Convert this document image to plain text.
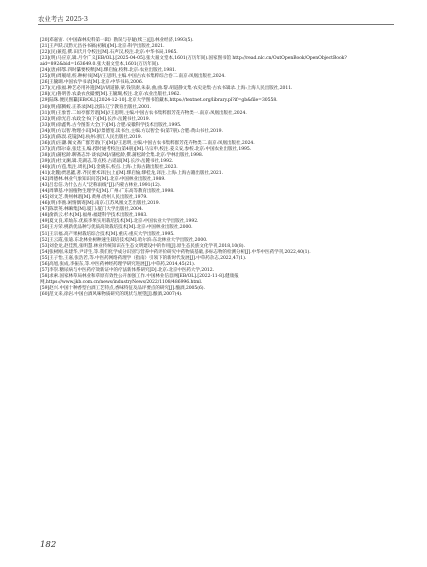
农业考古 2025·3

[20]邓嘉宙.《中国森林史料第一辑》勘误与存疑(续三)[J].林业经济,1993(5).

[21]王声跃.汉黔元昌谷书稿(初稿)[M].北京:科学出版社,2021.

[22](民)兼霓,撰.田氏月令校注[M].石声汉,校注.北京:中华书局,1965.

[23](明)马应京,辑.月令广义[EB/OL].[2025-04-05].张大艰文堂本,1601(万历年间).国家图书馆 http://read.nlc.cn/OutOpenBook/OpenObjectBook?aid=892&bid=163649.0.张大艰文堂本,1601(万历年间).

[24](唐)韩鄂.四时纂要校释[M].缪启愉,校释.北京:农业出版社,1981.

[25](明)周履靖,校.种树书[M]//王思明,主编.中国古农书集粹综合卷二.南京:凤凰出版社,2024.

[26]王毓瑚.中国农学书录[M].北京:中华书局,2006.

[27](元)张福.种艺必用补遗[M]//胡道静,蒙.钱崇澍,朱泰,曲,曲.黎.胡道静文集·农史论集·古农书辑录.上海:上海人民出版社,2011.

[28](元)鲁明善.农桑衣食撮要[M].王毓瑚,校注.北京:农业出版社,1962.

[29]陆珠.便民图纂[EB/OL].[2024-12-10].北京大学图书馆藏本,https://textnet.org/library.pl?if=gb&file=30558.

[30](明)郁腾蛟.正茶录[M].沈阳:辽宁教育出版社,2001.

[31](明)王象晋.二如亭群芳谱[M]//王思明,主编.中国古农书集粹群芳花卉物类一.南京:凤凰出版社,2024.

[32](明)徐光启.农政全书(下)[M].长沙:岳麓书社,2019.

[33](明)徐鑫隽.古今图鉴大全(下)[M].合肥:安徽科学技术出版社,1995.

[34](明)方以智.物理小识[M]//景德宽.读书台,主编.方以智全书(第7册).合肥:黄山书社,2019.

[35](清)陈淏.花镜[M].杭州:浙江人民出版社,2019.

[36](清)汪灏.佩文斋广群芳谱(下)[M]//王思明,主编.中国古农书集粹群芳花卉物类二.南京:凤凰出版社,2024.

[37](清)鄂尔泰,张廷玉,编.授时通考校注(第4册)[M].马宗申,校注.姜义安,参校.北京:中国农业出版社,1995.

[38](清)蒲松龄.聊斋志异·谈农[M]//蒲松龄,撰.蒲松龄全集.北京:学林出版社,1998.

[39](清)杜文澜,辑.芜湖志,等点校.古谣谚[M].长沙:岳麓书社,1992.

[40](清)方苞,集注.周礼[M].金晓东,校点.上海:上海古籍出版社,2023.

[41](北魏)贾思勰,著.齐民要术译注(上)[M].缪启愉,缪桂龙,译注.上海:上海古籍出版社,2021.

[42]周德林.林业气象知识问答[M].北京:中国林业出版社,1989.

[43]吕忠信.为什么古人"泛称雨线"[J].内蒙古林业,1991(12).

[44]周肇基.中国植物生理学史[M].广州:广东高等教育出版社,1998.

[45]刘文芝.黄州林谱[M].黄州:贵州人民出版社,1979.

[46](明)李渔.闲情偶寄[M].南京:江苏凤凰文艺出版社,2019.

[47]陈景英.林嘛集[M].厦门:厦门大学出版社,2004.

[48]俞新云.杉木[M].福州:福建科学技术出版社,1983.

[49]夏文良,邓灿东.优质李果实用栽培技术[M].北京:中国农业大学出版社,1992.

[50]王方荣.桃新优品种与优质高效栽培技术[M].北京:中国林业出版社,2000.

[51]王宗福.高产果树栽培综合技术[M].重庆:重庆大学出版社,1995.

[52]王云霞,张迪.东北林业树种速生栽培技术[M].哈尔滨:东北林业大学出版社,2000.

[53]刘金龙,赵佳凯,张明慧.林业传统知识在生态文明建设中的作用[J].原生态民族文化学刊,2018,10(8).

[54]张树刚,朱建华,尹诗生,等.我们化学成分识别与营养中药评价研究中药物质基础,多标志物的检测分析[J].中华中医药学刊,2022,40(1).

[55]王子怡,王嘉,张浩若,等.中医药网络药理学（指南）引领下的新时代发展[J].中草药杂志,2022,47(1).

[56]高旭,张成,李振东,等.中医药神经药理学研究进展[J].中草药,2014,45(21).

[57]李崇.糖尿病与中医药疗效新证中的疗法新体系研究[D].北京:北京中医药大学,2012.

[58]求索.国家林草局林业和草原有效性公开加强工作.中国林业信息网[EB/OL].[2022-11-8].健康报网,https://www.jkb.com.cn/news/industryNews/2022/1108/486996.html.

[59]赵兴.中国十种香型白酒工艺特点,香味特征及品评要点的研究[J].酿酒,2005(6).

[60]范文来,徐岩.中国白酒风味物质研究的现状与展望[J].酿酒,2007(4).

182
